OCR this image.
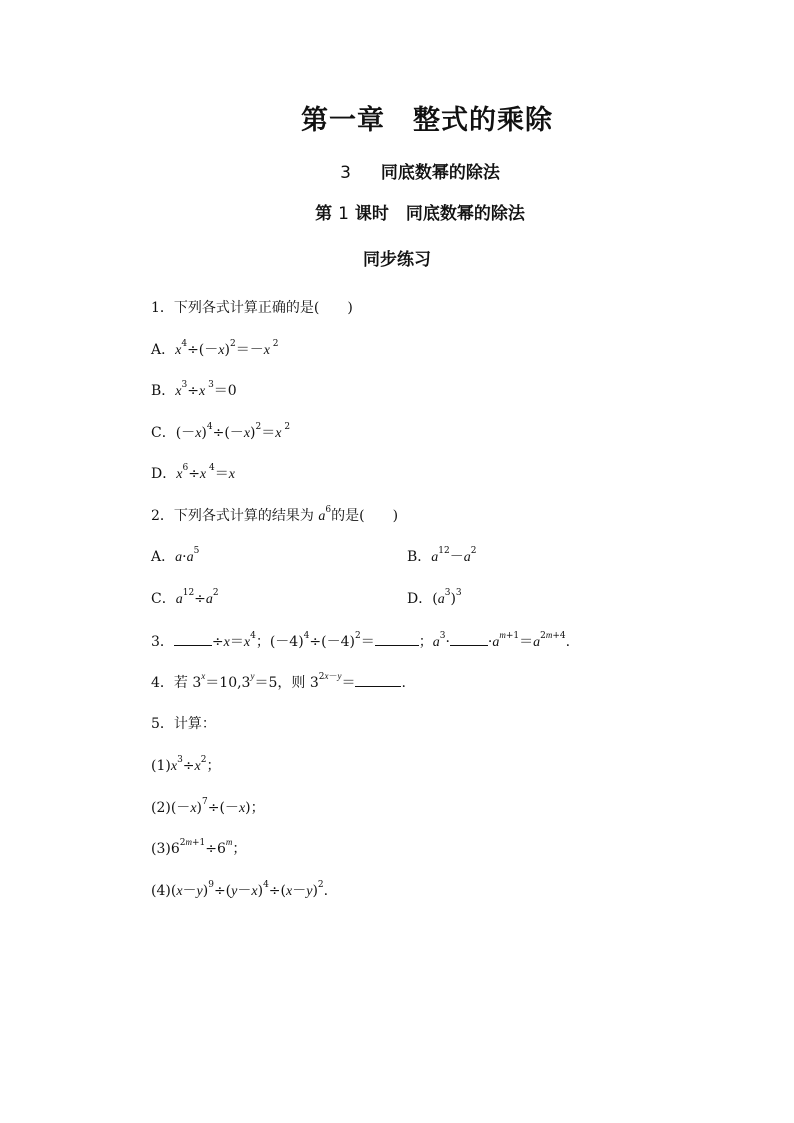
第一章　整式的乘除
3 同底数幂的除法
第 1 课时　同底数幂的除法
同步练习
1．下列各式计算正确的是(　　)
A．$x^4\div(-x)^2=-x$ $^2$
B．$x^3\div x$ $^3$＝0
C．$(-x)^4\div(-x)^2=x$ $^2$
D．$x^6\div x$ $^4$＝x
2．下列各式计算的结果为 $a^6$的是(　　)
A．$a\cdot a^5$	B．$a^{12}-a^2$
C．$a^{12}\div a^2$	D．$(a^3)^3$
3．	$\div x=x^4$；$(-4)^4\div(-4)^2=$	；$a^3\cdot$	$\cdot a^{m+1}=a^{2m+4}$.
4．若 $3^x=10,3^y=5$，则 $3^{2x-y}=$	.
5．计算：
$(1)x^3\div x^2$；
$(2)(-x)^7\div(-x)$；
$(3)6^{2m+1}\div 6^m$；
$(4)(x-y)^9\div(y-x)^4\div(x-y)^2$.
